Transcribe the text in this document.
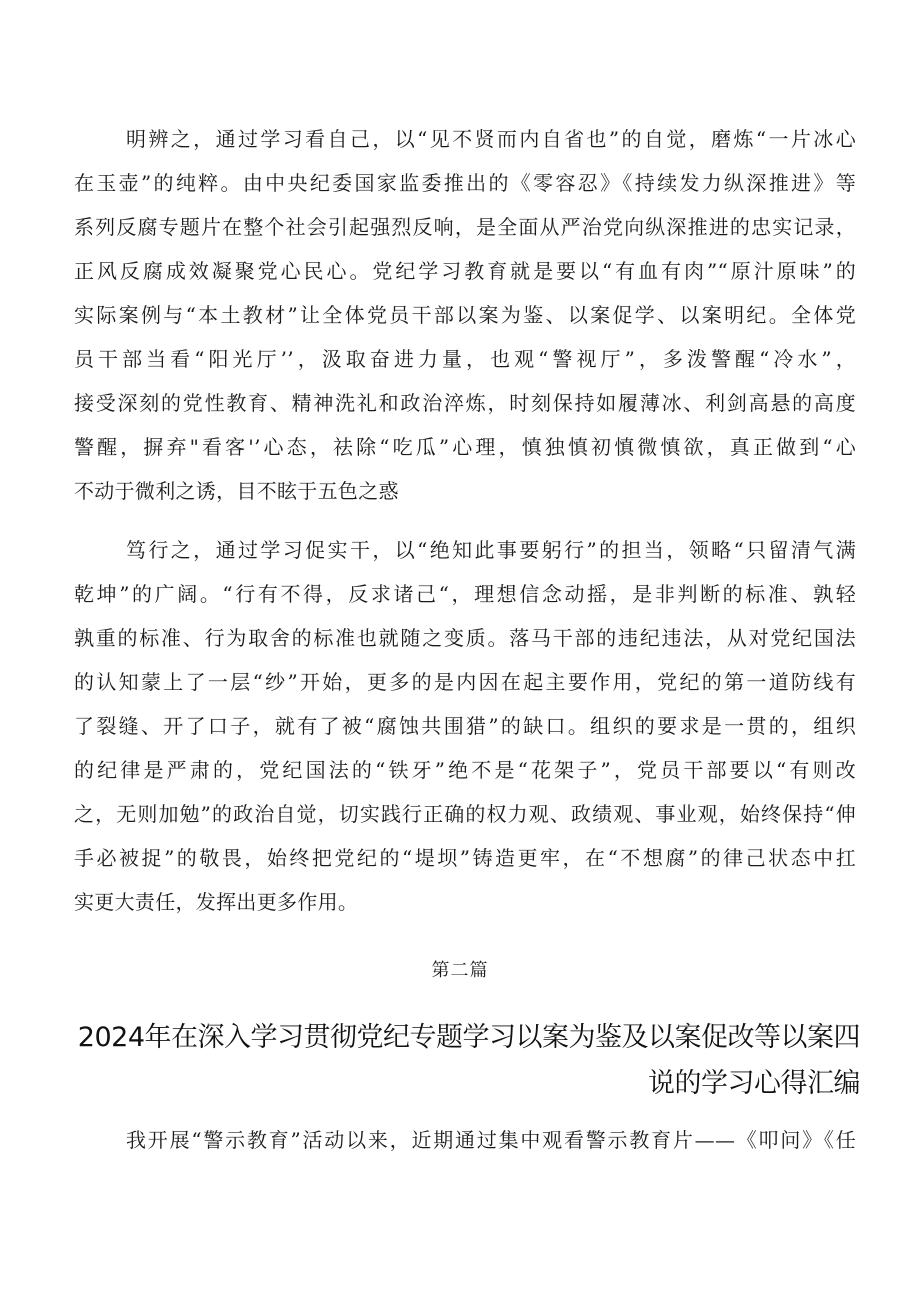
明辨之，通过学习看自己，以“见不贤而内自省也”的自觉，磨炼“一片冰心
在玉壶”的纯粹。由中央纪委国家监委推出的《零容忍》《持续发力纵深推进》等
系列反腐专题片在整个社会引起强烈反响，是全面从严治党向纵深推进的忠实记录，
正风反腐成效凝聚党心民心。党纪学习教育就是要以“有血有肉”“原汁原味”的
实际案例与“本土教材”让全体党员干部以案为鉴、以案促学、以案明纪。全体党
员干部当看“阳光厅’’，汲取奋进力量，也观“警视厅”，多泼警醒“冷水”，
接受深刻的党性教育、精神洗礼和政治淬炼，时刻保持如履薄冰、利剑高悬的高度
警醒，摒弃"看客'’心态，祛除“吃瓜”心理，慎独慎初慎微慎欲，真正做到“心
不动于微利之诱，目不眩于五色之惑
笃行之，通过学习促实干，以“绝知此事要躬行”的担当，领略“只留清气满
乾坤”的广阔。“行有不得，反求诸己“，理想信念动摇，是非判断的标准、孰轻
孰重的标准、行为取舍的标准也就随之变质。落马干部的违纪违法，从对党纪国法
的认知蒙上了一层“纱”开始，更多的是内因在起主要作用，党纪的第一道防线有
了裂缝、开了口子，就有了被“腐蚀共围猎”的缺口。组织的要求是一贯的，组织
的纪律是严肃的，党纪国法的“铁牙”绝不是“花架子”，党员干部要以“有则改
之，无则加勉”的政治自觉，切实践行正确的权力观、政绩观、事业观，始终保持“伸
手必被捉”的敬畏，始终把党纪的“堤坝”铸造更牢，在“不想腐”的律己状态中扛
实更大责任，发挥出更多作用。
第二篇
2024年在深入学习贯彻党纪专题学习以案为鉴及以案促改等以案四
说的学习心得汇编
我开展“警示教育”活动以来，近期通过集中观看警示教育片——《叩问》《任
